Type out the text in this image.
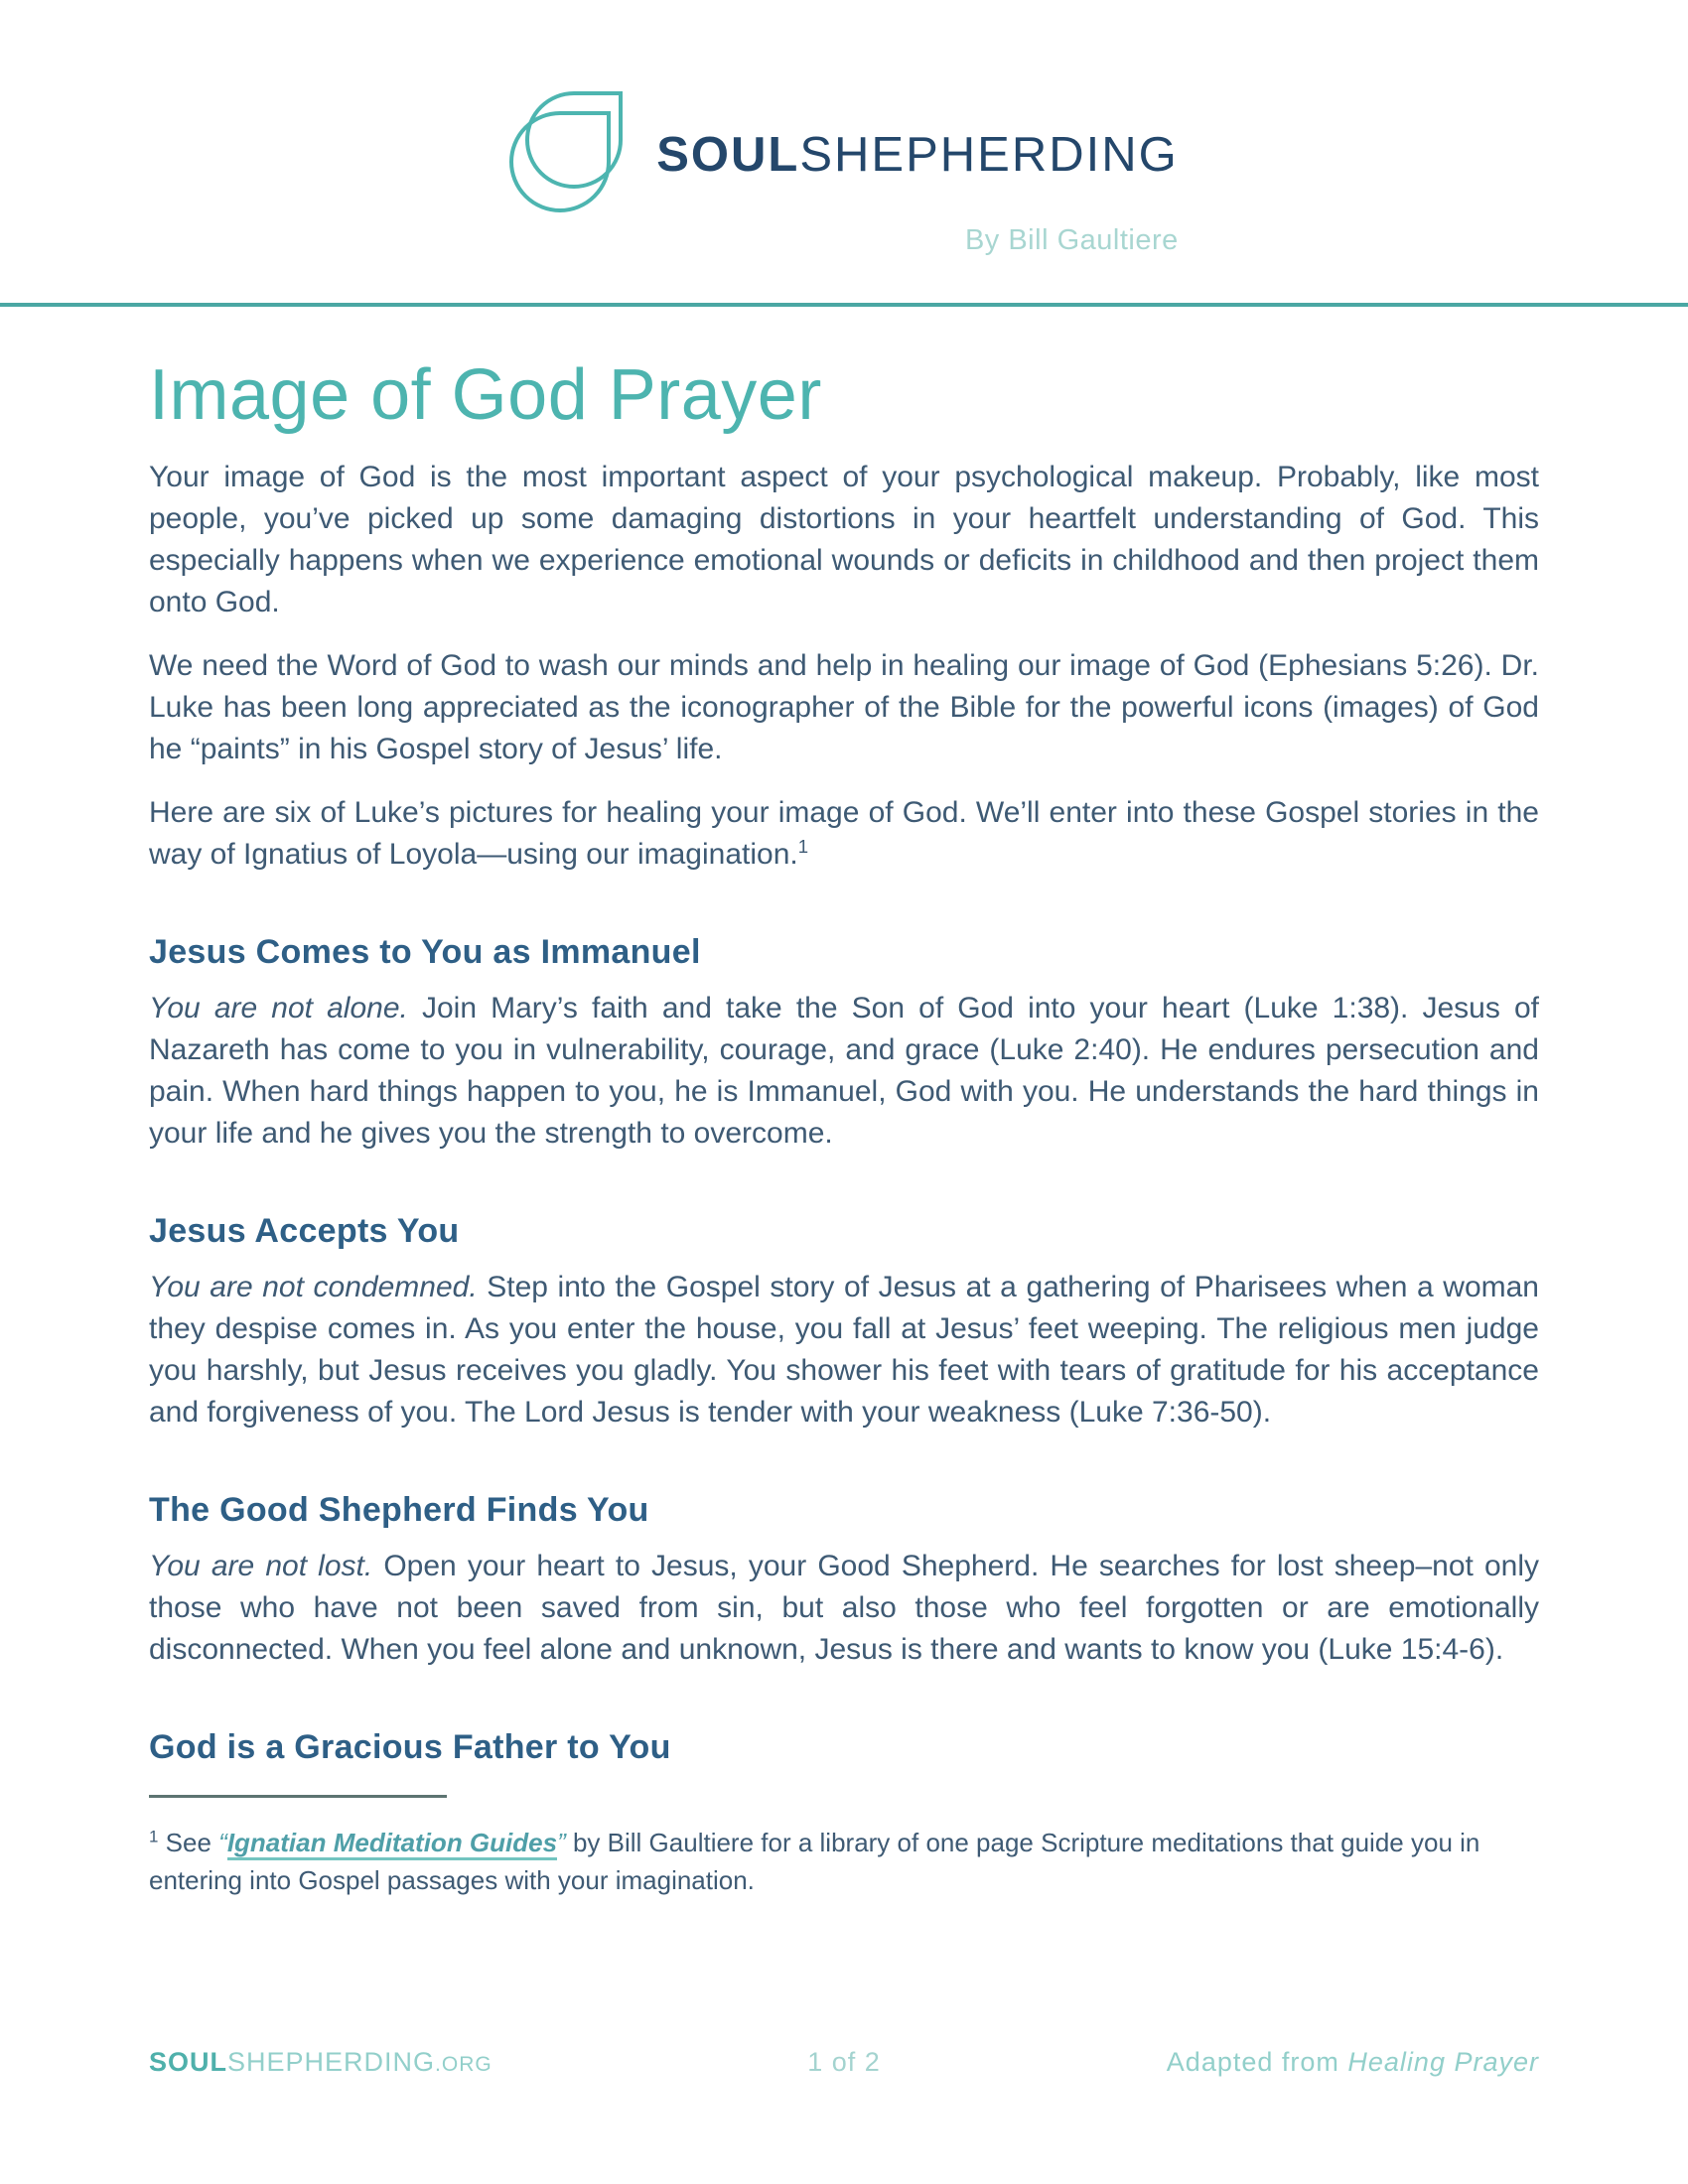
SOULSHEPHERDING
By Bill Gaultiere
Image of God Prayer

Your image of God is the most important aspect of your psychological makeup. Probably, like most people, you’ve picked up some damaging distortions in your heartfelt understanding of God. This especially happens when we experience emotional wounds or deficits in childhood and then project them onto God.

We need the Word of God to wash our minds and help in healing our image of God (Ephesians 5:26). Dr. Luke has been long appreciated as the iconographer of the Bible for the powerful icons (images) of God he “paints” in his Gospel story of Jesus’ life.

Here are six of Luke’s pictures for healing your image of God. We’ll enter into these Gospel stories in the way of Ignatius of Loyola—using our imagination.$^1$

Jesus Comes to You as Immanuel

You are not alone. Join Mary’s faith and take the Son of God into your heart (Luke 1:38). Jesus of Nazareth has come to you in vulnerability, courage, and grace (Luke 2:40). He endures persecution and pain. When hard things happen to you, he is Immanuel, God with you. He understands the hard things in your life and he gives you the strength to overcome.

Jesus Accepts You

You are not condemned. Step into the Gospel story of Jesus at a gathering of Pharisees when a woman they despise comes in. As you enter the house, you fall at Jesus’ feet weeping. The religious men judge you harshly, but Jesus receives you gladly. You shower his feet with tears of gratitude for his acceptance and forgiveness of you. The Lord Jesus is tender with your weakness (Luke 7:36-50).

The Good Shepherd Finds You

You are not lost. Open your heart to Jesus, your Good Shepherd. He searches for lost sheep–not only those who have not been saved from sin, but also those who feel forgotten or are emotionally disconnected. When you feel alone and unknown, Jesus is there and wants to know you (Luke 15:4-6).

God is a Gracious Father to You

$^1$ See “Ignatian Meditation Guides” by Bill Gaultiere for a library of one page Scripture meditations that guide you in entering into Gospel passages with your imagination.

SOULSHEPHERDING.ORG	1 of 2	Adapted from Healing Prayer
